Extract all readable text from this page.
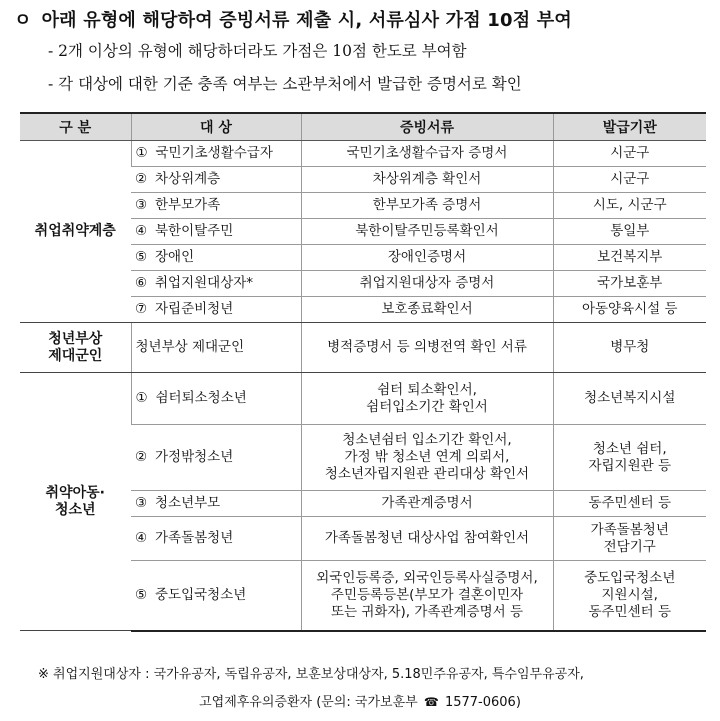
ㅇ 아래 유형에 해당하여 증빙서류 제출 시, 서류심사 가점 10점 부여
- 2개 이상의 유형에 해당하더라도 가점은 10점 한도로 부여함
- 각 대상에 대한 기준 충족 여부는 소관부처에서 발급한 증명서로 확인
구 분	대 상	증빙서류	발급기관
취업취약계층	① 국민기초생활수급자	국민기초생활수급자 증명서	시군구
	② 차상위계층	차상위계층 확인서	시군구
	③ 한부모가족	한부모가족 증명서	시도, 시군구
	④ 북한이탈주민	북한이탈주민등록확인서	통일부
	⑤ 장애인	장애인증명서	보건복지부
	⑥ 취업지원대상자*	취업지원대상자 증명서	국가보훈부
	⑦ 자립준비청년	보호종료확인서	아동양육시설 등
청년부상
제대군인	청년부상 제대군인	병적증명서 등 의병전역 확인 서류	병무청
취약아동·
청소년	① 쉼터퇴소청소년	쉼터 퇴소확인서,
쉼터입소기간 확인서	청소년복지시설
	② 가정밖청소년	청소년쉼터 입소기간 확인서,
가정 밖 청소년 연계 의뢰서,
청소년자립지원관 관리대상 확인서	청소년 쉼터,
자립지원관 등
	③ 청소년부모	가족관계증명서	동주민센터 등
	④ 가족돌봄청년	가족돌봄청년 대상사업 참여확인서	가족돌봄청년
전담기구
	⑤ 중도입국청소년	외국인등록증, 외국인등록사실증명서,
주민등록등본(부모가 결혼이민자
또는 귀화자), 가족관계증명서 등	중도입국청소년
지원시설,
동주민센터 등
※ 취업지원대상자 : 국가유공자, 독립유공자, 보훈보상대상자, 5.18민주유공자, 특수임무유공자,
고엽제후유의증환자 (문의: 국가보훈부 ☎ 1577-0606)
